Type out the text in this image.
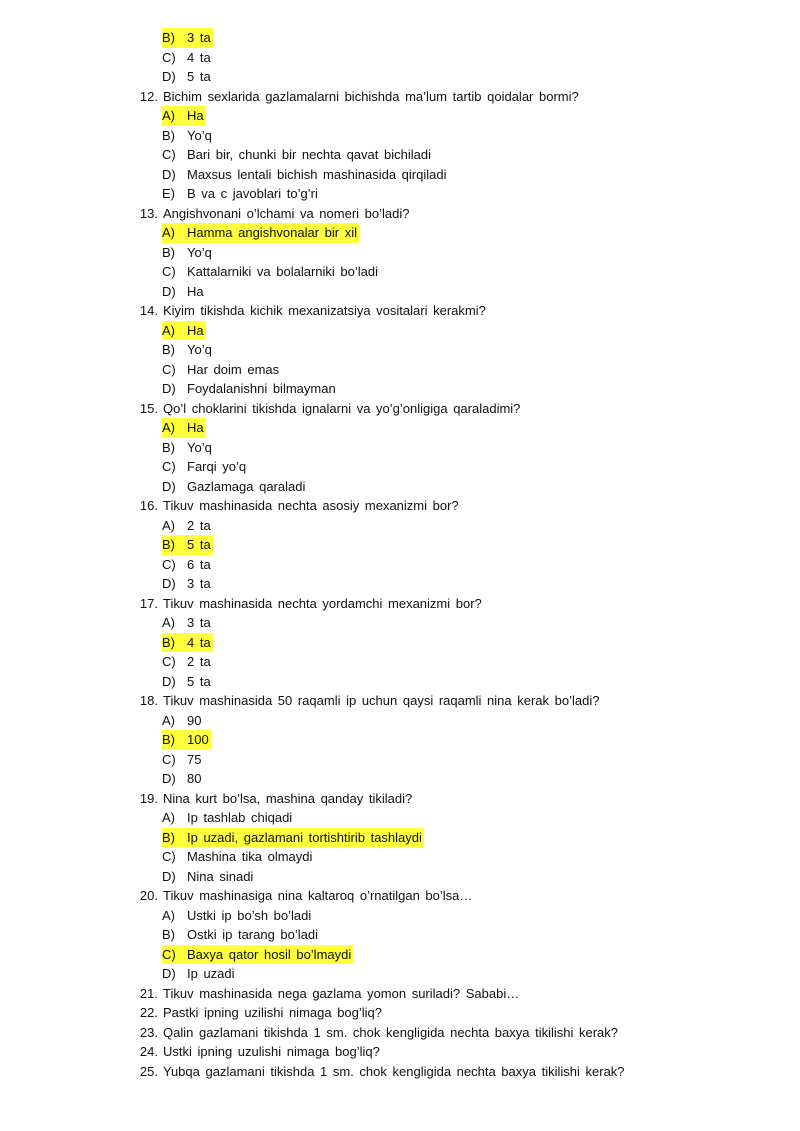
B) 3 ta
C) 4 ta
D) 5 ta
12. Bichim sexlarida gazlamalarni bichishda ma’lum tartib qoidalar bormi?
A) Ha
B) Yo’q
C) Bari bir, chunki bir nechta qavat bichiladi
D) Maxsus lentali bichish mashinasida qirqiladi
E) B va c javoblari to’g’ri
13. Angishvonani o’lchami va nomeri bo’ladi?
A) Hamma angishvonalar bir xil
B) Yo’q
C) Kattalarniki va bolalarniki bo’ladi
D) Ha
14. Kiyim tikishda kichik mexanizatsiya vositalari kerakmi?
A) Ha
B) Yo’q
C) Har doim emas
D) Foydalanishni bilmayman
15. Qo’l choklarini tikishda ignalarni va yo’g’onligiga qaraladimi?
A) Ha
B) Yo’q
C) Farqi yo’q
D) Gazlamaga qaraladi
16. Tikuv mashinasida nechta asosiy mexanizmi bor?
A) 2 ta
B) 5 ta
C) 6 ta
D) 3 ta
17. Tikuv mashinasida nechta yordamchi mexanizmi bor?
A) 3 ta
B) 4 ta
C) 2 ta
D) 5 ta
18. Tikuv mashinasida 50 raqamli ip uchun qaysi raqamli nina kerak bo’ladi?
A) 90
B) 100
C) 75
D) 80
19. Nina kurt bo’lsa, mashina qanday tikiladi?
A) Ip tashlab chiqadi
B) Ip uzadi, gazlamani tortishtirib tashlaydi
C) Mashina tika olmaydi
D) Nina sinadi
20. Tikuv mashinasiga nina kaltaroq o’rnatilgan bo’lsa…
A) Ustki ip bo’sh bo’ladi
B) Ostki ip tarang bo’ladi
C) Baxya qator hosil bo’lmaydi
D) Ip uzadi
21. Tikuv mashinasida nega gazlama yomon suriladi? Sababi…
22. Pastki ipning uzilishi nimaga bog’liq?
23. Qalin gazlamani tikishda 1 sm. chok kengligida nechta baxya tikilishi kerak?
24. Ustki ipning uzulishi nimaga bog’liq?
25. Yubqa gazlamani tikishda 1 sm. chok kengligida nechta baxya tikilishi kerak?
